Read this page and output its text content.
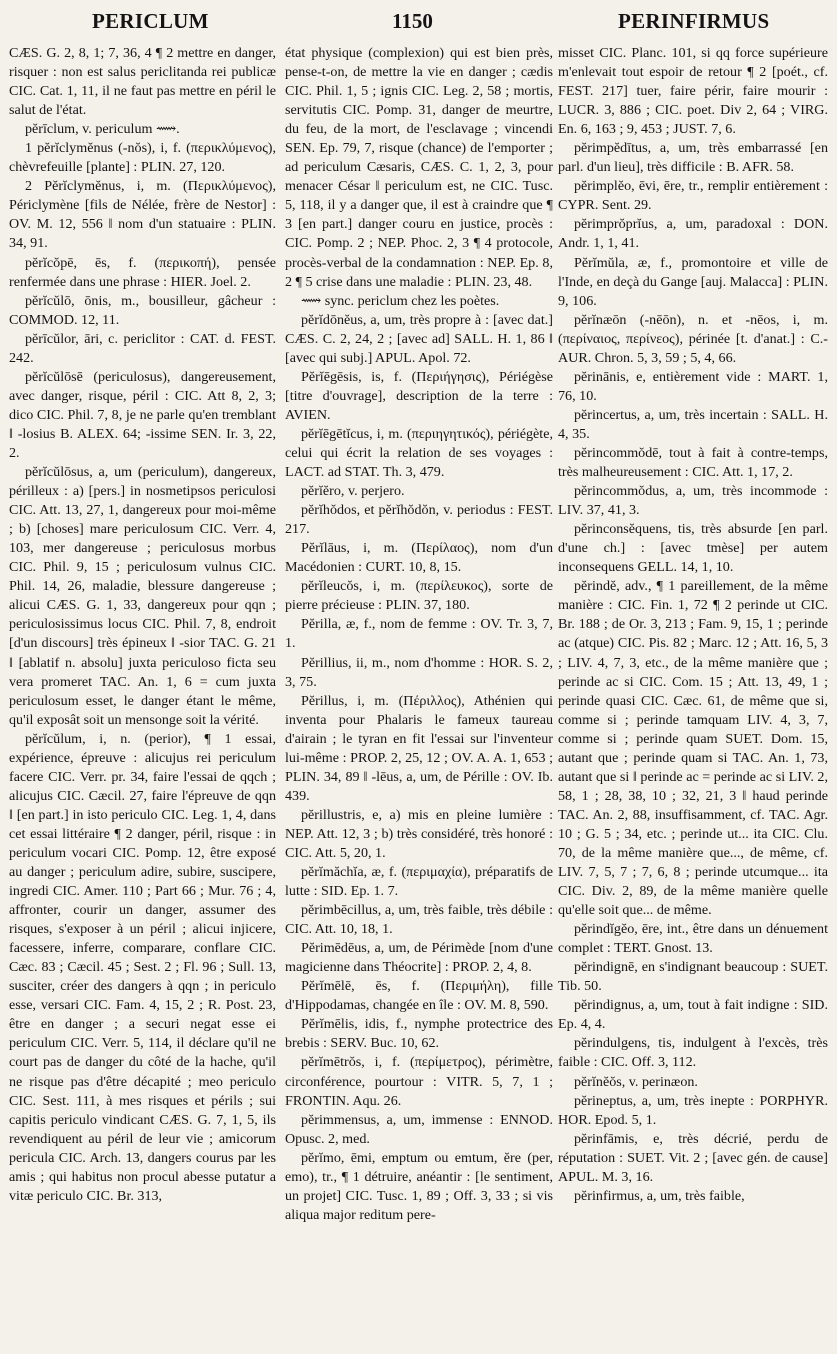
PERICLUM	1150	PERINFIRMUS

CÆS. G. 2, 8, 1; 7, 36, 4 ¶ 2 mettre en danger, risquer : non est salus periclitanda rei publicæ CIC. Cat. 1, 11, il ne faut pas mettre en péril le salut de l'état.

pĕrīclum, v. periculum ⟿.

1 pĕrĭclymĕnus (-nŏs), i, f. (περικλύμενος), chèvrefeuille [plante] : PLIN. 27, 120.

2 Pĕrĭclymĕnus, i, m. (Περικλύμενος), Périclymène [fils de Nélée, frère de Nestor] : OV. M. 12, 556 ‖ nom d'un statuaire : PLIN. 34, 91.

pĕrĭcŏpē, ēs, f. (περικοπή), pensée renfermée dans une phrase : HIER. Joel. 2.

pĕrĭcŭlō, ōnis, m., bousilleur, gâcheur : COMMOD. 12, 11.

pĕrīcŭlor, āri, c. periclitor : CAT. d. FEST. 242.

pĕrĭcŭlōsē (periculosus), dangereusement, avec danger, risque, péril : CIC. Att 8, 2, 3; dico CIC. Phil. 7, 8, je ne parle qu'en tremblant ‖ -losius B. ALEX. 64; -issime SEN. Ir. 3, 22, 2.

pĕrĭcŭlōsus, a, um (periculum), dangereux, périlleux : a) [pers.] in nosmetipsos periculosi CIC. Att. 13, 27, 1, dangereux pour moi-même ; b) [choses] mare periculosum CIC. Verr. 4, 103, mer dangereuse ; periculosus morbus CIC. Phil. 9, 15 ; periculosum vulnus CIC. Phil. 14, 26, maladie, blessure dangereuse ; alicui CÆS. G. 1, 33, dangereux pour qqn ; periculosissimus locus CIC. Phil. 7, 8, endroit [d'un discours] très épineux ‖ -sior TAC. G. 21 ‖ [ablatif n. absolu] juxta periculoso ficta seu vera promeret TAC. An. 1, 6 = cum juxta periculosum esset, le danger étant le même, qu'il exposât soit un mensonge soit la vérité.

pĕrĭcŭlum, i, n. (perior), ¶ 1 essai, expérience, épreuve : alicujus rei periculum facere CIC. Verr. pr. 34, faire l'essai de qqch ; alicujus CIC. Cæcil. 27, faire l'épreuve de qqn ‖ [en part.] in isto periculo CIC. Leg. 1, 4, dans cet essai littéraire ¶ 2 danger, péril, risque : in periculum vocari CIC. Pomp. 12, être exposé au danger ; periculum adire, subire, suscipere, ingredi CIC. Amer. 110 ; Part 66 ; Mur. 76 ; 4, affronter, courir un danger, assumer des risques, s'exposer à un péril ; alicui injicere, facessere, inferre, comparare, conflare CIC. Cæc. 83 ; Cæcil. 45 ; Sest. 2 ; Fl. 96 ; Sull. 13, susciter, créer des dangers à qqn ; in periculo esse, versari CIC. Fam. 4, 15, 2 ; R. Post. 23, être en danger ; a securi negat esse ei periculum CIC. Verr. 5, 114, il déclare qu'il ne court pas de danger du côté de la hache, qu'il ne risque pas d'être décapité ; meo periculo CIC. Sest. 111, à mes risques et périls ; sui capitis periculo vindicant CÆS. G. 7, 1, 5, ils revendiquent au péril de leur vie ; amicorum pericula CIC. Arch. 13, dangers courus par les amis ; qui habitus non procul abesse putatur a vitæ periculo CIC. Br. 313,

état physique (complexion) qui est bien près, pense-t-on, de mettre la vie en danger ; cædis CIC. Phil. 1, 5 ; ignis CIC. Leg. 2, 58 ; mortis, servitutis CIC. Pomp. 31, danger de meurtre, du feu, de la mort, de l'esclavage ; vincendi SEN. Ep. 79, 7, risque (chance) de l'emporter ; ad periculum Cæsaris, CÆS. C. 1, 2, 3, pour menacer César ‖ periculum est, ne CIC. Tusc. 5, 118, il y a danger que, il est à craindre que ¶ 3 [en part.] danger couru en justice, procès : CIC. Pomp. 2 ; NEP. Phoc. 2, 3 ¶ 4 protocole, procès-verbal de la condamnation : NEP. Ep. 8, 2 ¶ 5 crise dans une maladie : PLIN. 23, 48.

⟿ sync. periclum chez les poètes.

pĕrĭdōnĕus, a, um, très propre à : [avec dat.] CÆS. C. 2, 24, 2 ; [avec ad] SALL. H. 1, 86 ‖ [avec qui subj.] APUL. Apol. 72.

Pĕrĭēgēsis, is, f. (Περιήγησις), Périégèse [titre d'ouvrage], description de la terre : AVIEN.

pĕrĭēgētĭcus, i, m. (περιηγητικός), périégète, celui qui écrit la relation de ses voyages : LACT. ad STAT. Th. 3, 479.

pĕrĭĕro, v. perjero.

pĕrĭhŏdos, et pĕrĭhŏdŏn, v. periodus : FEST. 217.

Pĕrĭlāus, i, m. (Περίλαος), nom d'un Macédonien : CURT. 10, 8, 15.

pĕrĭleucŏs, i, m. (περίλευκος), sorte de pierre précieuse : PLIN. 37, 180.

Pĕrilla, æ, f., nom de femme : OV. Tr. 3, 7, 1.

Pĕrillius, ii, m., nom d'homme : HOR. S. 2, 3, 75.

Pĕrillus, i, m. (Πέριλλος), Athénien qui inventa pour Phalaris le fameux taureau d'airain ; le tyran en fit l'essai sur l'inventeur lui-même : PROP. 2, 25, 12 ; OV. A. A. 1, 653 ; PLIN. 34, 89 ‖ -lēus, a, um, de Pérille : OV. Ib. 439.

pĕrillustris, e, a) mis en pleine lumière : NEP. Att. 12, 3 ; b) très considéré, très honoré : CIC. Att. 5, 20, 1.

pĕrĭmăchĭa, æ, f. (περιμαχία), préparatifs de lutte : SID. Ep. 1. 7.

pĕrimbēcillus, a, um, très faible, très débile : CIC. Att. 10, 18, 1.

Pĕrimēdēus, a, um, de Périmède [nom d'une magicienne dans Théocrite] : PROP. 2, 4, 8.

Pĕrĭmēlē, ēs, f. (Περιμήλη), fille d'Hippodamas, changée en île : OV. M. 8, 590.

Pĕrĭmēlis, idis, f., nymphe protectrice des brebis : SERV. Buc. 10, 62.

pĕrĭmētrŏs, i, f. (περίμετρος), périmètre, circonférence, pourtour : VITR. 5, 7, 1 ; FRONTIN. Aqu. 26.

pĕrimmensus, a, um, immense : ENNOD. Opusc. 2, med.

pĕrĭmo, ēmi, emptum ou emtum, ĕre (per, emo), tr., ¶ 1 détruire, anéantir : [le sentiment, un projet] CIC. Tusc. 1, 89 ; Off. 3, 33 ; si vis aliqua major reditum pere-

misset CIC. Planc. 101, si qq force supérieure m'enlevait tout espoir de retour ¶ 2 [poét., cf. FEST. 217] tuer, faire périr, faire mourir : LUCR. 3, 886 ; CIC. poet. Div 2, 64 ; VIRG. En. 6, 163 ; 9, 453 ; JUST. 7, 6.

pĕrimpĕdītus, a, um, très embarrassé [en parl. d'un lieu], très difficile : B. AFR. 58.

pĕrimplĕo, ēvi, ēre, tr., remplir entièrement : CYPR. Sent. 29.

pĕrimprŏprĭus, a, um, paradoxal : DON. Andr. 1, 1, 41.

Pĕrĭmŭla, æ, f., promontoire et ville de l'Inde, en deçà du Gange [auj. Malacca] : PLIN. 9, 106.

pĕrĭnæōn (-nēōn), n. et -nēos, i, m. (περίναιος, περίνεος), périnée [t. d'anat.] : C.-AUR. Chron. 5, 3, 59 ; 5, 4, 66.

pĕrinānis, e, entièrement vide : MART. 1, 76, 10.

pĕrincertus, a, um, très incertain : SALL. H. 4, 35.

pĕrincommŏdē, tout à fait à contre-temps, très malheureusement : CIC. Att. 1, 17, 2.

pĕrincommŏdus, a, um, très incommode : LIV. 37, 41, 3.

pĕrinconsĕquens, tis, très absurde [en parl. d'une ch.] : [avec tmèse] per autem inconsequens GELL. 14, 1, 10.

pĕrindĕ, adv., ¶ 1 pareillement, de la même manière : CIC. Fin. 1, 72 ¶ 2 perinde ut CIC. Br. 188 ; de Or. 3, 213 ; Fam. 9, 15, 1 ; perinde ac (atque) CIC. Pis. 82 ; Marc. 12 ; Att. 16, 5, 3 ; LIV. 4, 7, 3, etc., de la même manière que ; perinde ac si CIC. Com. 15 ; Att. 13, 49, 1 ; perinde quasi CIC. Cæc. 61, de même que si, comme si ; perinde tamquam LIV. 4, 3, 7, comme si ; perinde quam SUET. Dom. 15, autant que ; perinde quam si TAC. An. 1, 73, autant que si ‖ perinde ac = perinde ac si LIV. 2, 58, 1 ; 28, 38, 10 ; 32, 21, 3 ‖ haud perinde TAC. An. 2, 88, insuffisamment, cf. TAC. Agr. 10 ; G. 5 ; 34, etc. ; perinde ut... ita CIC. Clu. 70, de la même manière que..., de même, cf. LIV. 7, 5, 7 ; 7, 6, 8 ; perinde utcumque... ita CIC. Div. 2, 89, de la même manière quelle qu'elle soit que... de même.

pĕrindĭgĕo, ēre, int., être dans un dénuement complet : TERT. Gnost. 13.

pĕrindignē, en s'indignant beaucoup : SUET. Tib. 50.

pĕrindignus, a, um, tout à fait indigne : SID. Ep. 4, 4.

pĕrindulgens, tis, indulgent à l'excès, très faible : CIC. Off. 3, 112.

pĕrĭnĕŏs, v. perinæon.

pĕrineptus, a, um, très inepte : PORPHYR. HOR. Epod. 5, 1.

pĕrinfāmis, e, très décrié, perdu de réputation : SUET. Vit. 2 ; [avec gén. de cause] APUL. M. 3, 16.

pĕrinfirmus, a, um, très faible,
